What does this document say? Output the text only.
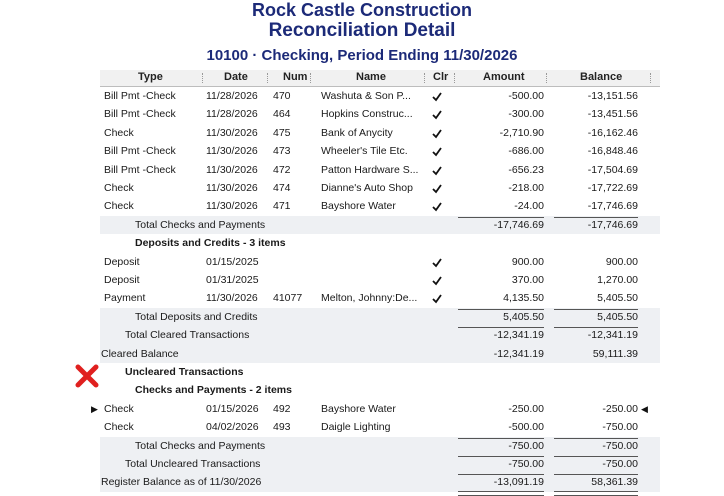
Rock Castle Construction
Reconciliation Detail
10100 · Checking, Period Ending 11/30/2026
Type	Date	Num	Name	Clr	Amount	Balance
Bill Pmt -Check	11/28/2026	470	Washuta & Son P...	-500.00	-13,151.56
Bill Pmt -Check	11/28/2026	464	Hopkins Construc...	-300.00	-13,451.56
Check	11/30/2026	475	Bank of Anycity	-2,710.90	-16,162.46
Bill Pmt -Check	11/30/2026	473	Wheeler's Tile Etc.	-686.00	-16,848.46
Bill Pmt -Check	11/30/2026	472	Patton Hardware S...	-656.23	-17,504.69
Check	11/30/2026	474	Dianne's Auto Shop	-218.00	-17,722.69
Check	11/30/2026	471	Bayshore Water	-24.00	-17,746.69
Total Checks and Payments	-17,746.69	-17,746.69
Deposits and Credits - 3 items
Deposit	01/15/2025	900.00	900.00
Deposit	01/31/2025	370.00	1,270.00
Payment	11/30/2026	41077	Melton, Johnny:De...	4,135.50	5,405.50
Total Deposits and Credits	5,405.50	5,405.50
Total Cleared Transactions	-12,341.19	-12,341.19
Cleared Balance	-12,341.19	59,111.39
Uncleared Transactions
Checks and Payments - 2 items
Check	01/15/2026	492	Bayshore Water	-250.00	-250.00
▶	◀
Check	04/02/2026	493	Daigle Lighting	-500.00	-750.00
Total Checks and Payments	-750.00	-750.00
Total Uncleared Transactions	-750.00	-750.00
Register Balance as of 11/30/2026	-13,091.19	58,361.39
